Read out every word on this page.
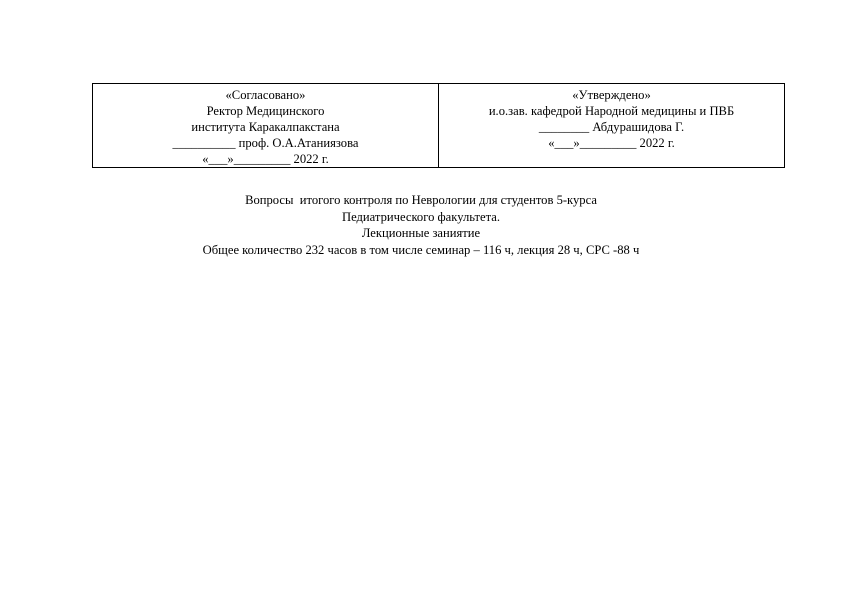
«Согласовано»
Ректор Медицинского
института Каракалпакстана
__________ проф. О.А.Атаниязова
«___»_________ 2022 г.

«Утверждено»
и.о.зав. кафедрой Народной медицины и ПВБ
________ Абдурашидова Г.
«___»_________ 2022 г.
Вопросы  итогого контроля по Неврологии для студентов 5-курса
Педиатрического факультета.
Лекционные заниятие
Общее количество 232 часов в том числе семинар – 116 ч, лекция 28 ч, СРС -88 ч
